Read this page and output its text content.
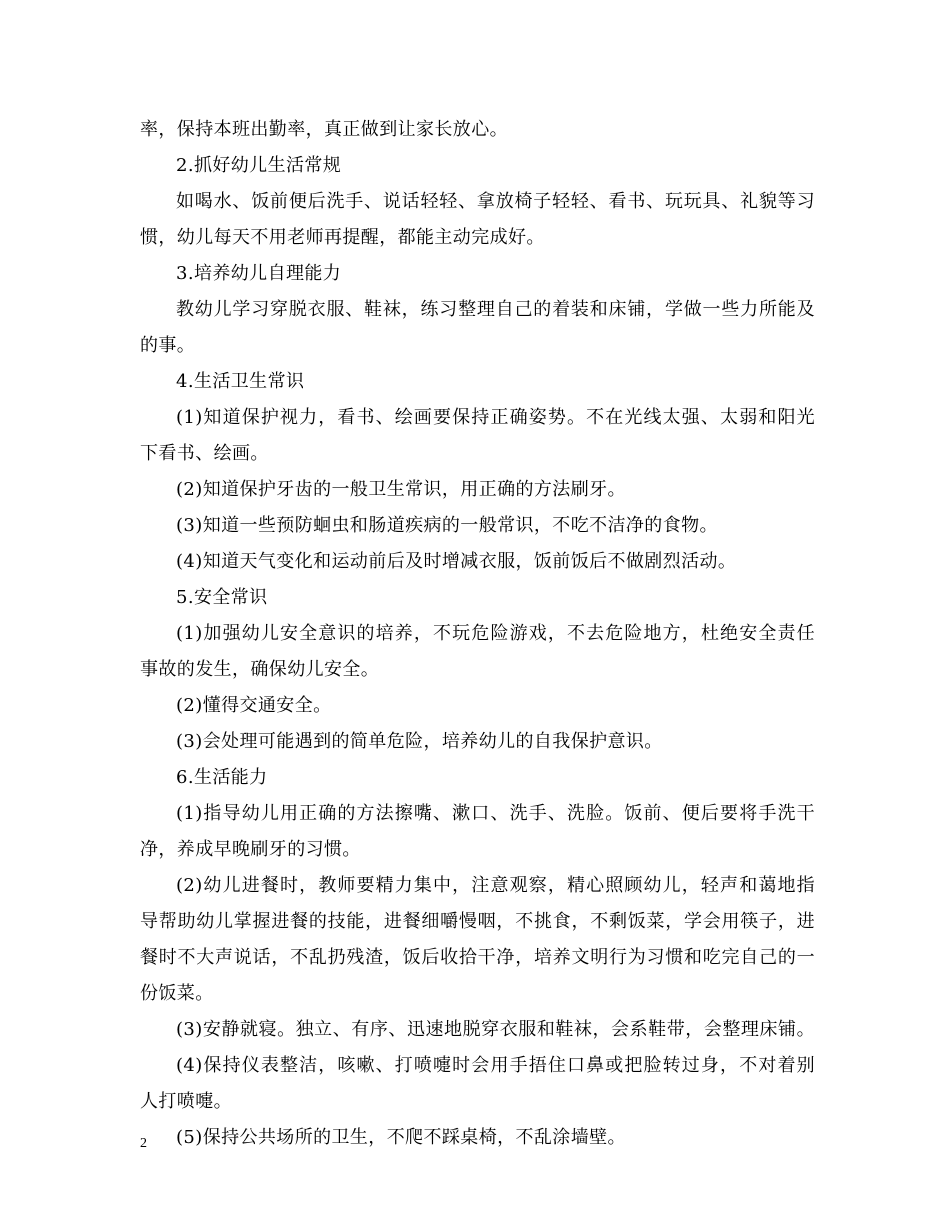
率，保持本班出勤率，真正做到让家长放心。
2.抓好幼儿生活常规
如喝水、饭前便后洗手、说话轻轻、拿放椅子轻轻、看书、玩玩具、礼貌等习
惯，幼儿每天不用老师再提醒，都能主动完成好。
3.培养幼儿自理能力
教幼儿学习穿脱衣服、鞋袜，练习整理自己的着装和床铺，学做一些力所能及
的事。
4.生活卫生常识
(1)知道保护视力，看书、绘画要保持正确姿势。不在光线太强、太弱和阳光
下看书、绘画。
(2)知道保护牙齿的一般卫生常识，用正确的方法刷牙。
(3)知道一些预防蛔虫和肠道疾病的一般常识，不吃不洁净的食物。
(4)知道天气变化和运动前后及时增减衣服，饭前饭后不做剧烈活动。
5.安全常识
(1)加强幼儿安全意识的培养，不玩危险游戏，不去危险地方，杜绝安全责任
事故的发生，确保幼儿安全。
(2)懂得交通安全。
(3)会处理可能遇到的简单危险，培养幼儿的自我保护意识。
6.生活能力
(1)指导幼儿用正确的方法擦嘴、漱口、洗手、洗脸。饭前、便后要将手洗干
净，养成早晚刷牙的习惯。
(2)幼儿进餐时，教师要精力集中，注意观察，精心照顾幼儿，轻声和蔼地指
导帮助幼儿掌握进餐的技能，进餐细嚼慢咽，不挑食，不剩饭菜，学会用筷子，进
餐时不大声说话，不乱扔残渣，饭后收拾干净，培养文明行为习惯和吃完自己的一
份饭菜。
(3)安静就寝。独立、有序、迅速地脱穿衣服和鞋袜，会系鞋带，会整理床铺。
(4)保持仪表整洁，咳嗽、打喷嚏时会用手捂住口鼻或把脸转过身，不对着别
人打喷嚏。
(5)保持公共场所的卫生，不爬不踩桌椅，不乱涂墙壁。
2
